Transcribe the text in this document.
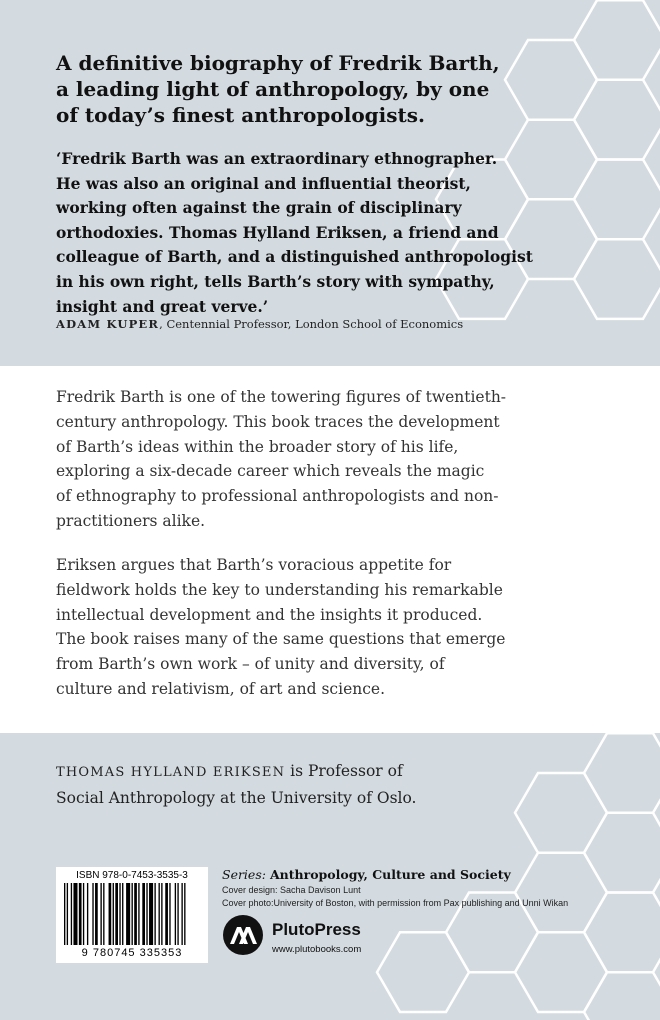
A definitive biography of Fredrik Barth,
a leading light of anthropology, by one
of today’s finest anthropologists.
‘Fredrik Barth was an extraordinary ethnographer.
He was also an original and influential theorist,
working often against the grain of disciplinary
orthodoxies. Thomas Hylland Eriksen, a friend and
colleague of Barth, and a distinguished anthropologist
in his own right, tells Barth’s story with sympathy,
insight and great verve.’
ADAM KUPER, Centennial Professor, London School of Economics
Fredrik Barth is one of the towering figures of twentieth-
century anthropology. This book traces the development
of Barth’s ideas within the broader story of his life,
exploring a six-decade career which reveals the magic
of ethnography to professional anthropologists and non-
practitioners alike.
Eriksen argues that Barth’s voracious appetite for
fieldwork holds the key to understanding his remarkable
intellectual development and the insights it produced.
The book raises many of the same questions that emerge
from Barth’s own work – of unity and diversity, of
culture and relativism, of art and science.
THOMAS HYLLAND ERIKSEN is Professor of
Social Anthropology at the University of Oslo.
ISBN 978-0-7453-3535-3
9 780745 335353
Series: Anthropology, Culture and Society
Cover design: Sacha Davison Lunt
Cover photo:University of Boston, with permission from Pax publishing and Unni Wikan
PlutoPress
www.plutobooks.com
